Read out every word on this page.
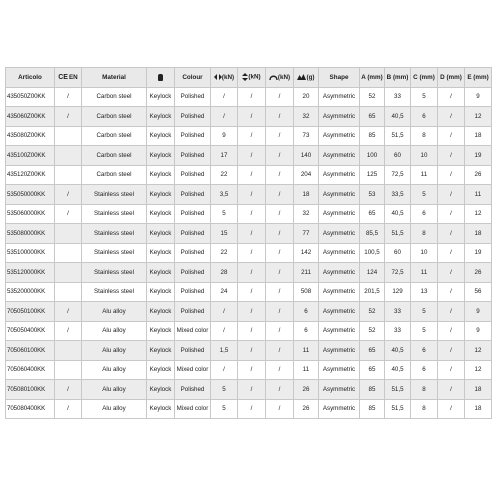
Articolo	CEEN	Material		Colour	(kN)	(kN)	(kN)	(g)	Shape	A (mm)	B (mm)	C (mm)	D (mm)	E (mm)
435050Z00KK	/	Carbon steel	Keylock	Polished	/	/	/	20	Asymmetric	52	33	5	/	9
435060Z00KK	/	Carbon steel	Keylock	Polished	/	/	/	32	Asymmetric	65	40,5	6	/	12
435080Z00KK		Carbon steel	Keylock	Polished	9	/	/	73	Asymmetric	85	51,5	8	/	18
435100Z00KK		Carbon steel	Keylock	Polished	17	/	/	140	Asymmetric	100	60	10	/	19
435120Z00KK		Carbon steel	Keylock	Polished	22	/	/	204	Asymmetric	125	72,5	11	/	26
535050000KK	/	Stainless steel	Keylock	Polished	3,5	/	/	18	Asymmetric	53	33,5	5	/	11
535060000KK	/	Stainless steel	Keylock	Polished	5	/	/	32	Asymmetric	65	40,5	6	/	12
535080000KK		Stainless steel	Keylock	Polished	15	/	/	77	Asymmetric	85,5	51,5	8	/	18
535100000KK		Stainless steel	Keylock	Polished	22	/	/	142	Asymmetric	100,5	60	10	/	19
535120000KK		Stainless steel	Keylock	Polished	28	/	/	211	Asymmetric	124	72,5	11	/	26
535200000KK		Stainless steel	Keylock	Polished	24	/	/	508	Asymmetric	201,5	129	13	/	56
705050100KK	/	Alu alloy	Keylock	Polished	/	/	/	6	Asymmetric	52	33	5	/	9
705050400KK	/	Alu alloy	Keylock	Mixed color	/	/	/	6	Asymmetric	52	33	5	/	9
705060100KK		Alu alloy	Keylock	Polished	1,5	/	/	11	Asymmetric	65	40,5	6	/	12
705060400KK		Alu alloy	Keylock	Mixed color	/	/	/	11	Asymmetric	65	40,5	6	/	12
705080100KK	/	Alu alloy	Keylock	Polished	5	/	/	26	Asymmetric	85	51,5	8	/	18
705080400KK	/	Alu alloy	Keylock	Mixed color	5	/	/	26	Asymmetric	85	51,5	8	/	18
